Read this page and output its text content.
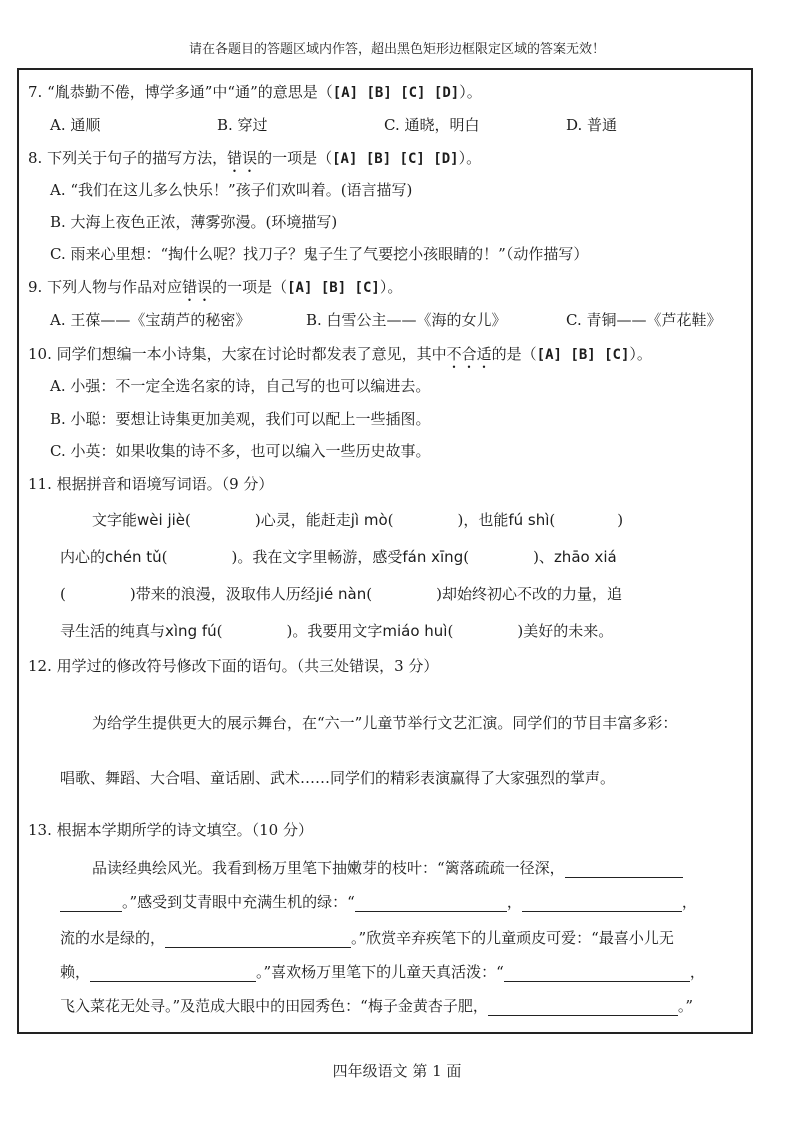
请在各题目的答题区域内作答，超出黑色矩形边框限定区域的答案无效！
7. “胤恭勤不倦，博学多通”中“通”的意思是（[A] [B] [C] [D]）。
A. 通顺	B. 穿过	C. 通晓，明白	D. 普通
8. 下列关于句子的描写方法，错误的一项是（[A] [B] [C] [D]）。
A. “我们在这儿多么快乐！”孩子们欢叫着。(语言描写)
B. 大海上夜色正浓，薄雾弥漫。(环境描写)
C. 雨来心里想：“掏什么呢？找刀子？鬼子生了气要挖小孩眼睛的！”（动作描写）
9. 下列人物与作品对应错误的一项是（[A] [B] [C]）。
A. 王葆——《宝葫芦的秘密》	B. 白雪公主——《海的女儿》	C. 青铜——《芦花鞋》
10. 同学们想编一本小诗集，大家在讨论时都发表了意见，其中不合适的是（[A] [B] [C]）。
A. 小强：不一定全选名家的诗，自己写的也可以编进去。
B. 小聪：要想让诗集更加美观，我们可以配上一些插图。
C. 小英：如果收集的诗不多，也可以编入一些历史故事。
11. 根据拼音和语境写词语。（9 分）
文字能wèi jiè(	)心灵，能赶走jì mò(	)，也能fú shì(	)
内心的chén tǔ(	)。我在文字里畅游，感受fán xīng(	)、zhāo xiá
(	)带来的浪漫，汲取伟人历经jié nàn(	)却始终初心不改的力量，追
寻生活的纯真与xìng fú(	)。我要用文字miáo huì(	)美好的未来。
12. 用学过的修改符号修改下面的语句。（共三处错误，3 分）
为给学生提供更大的展示舞台，在“六一”儿童节举行文艺汇演。同学们的节目丰富多彩：
唱歌、舞蹈、大合唱、童话剧、武术……同学们的精彩表演赢得了大家强烈的掌声。
13. 根据本学期所学的诗文填空。（10 分）
品读经典绘风光。我看到杨万里笔下抽嫩芽的枝叶：“篱落疏疏一径深，
。”感受到艾青眼中充满生机的绿：“	，	，
流的水是绿的，	。”欣赏辛弃疾笔下的儿童顽皮可爱：“最喜小儿无
赖，	。”喜欢杨万里笔下的儿童天真活泼：“	，
飞入菜花无处寻。”及范成大眼中的田园秀色：“梅子金黄杏子肥，	。”
四年级语文 第 1 面
